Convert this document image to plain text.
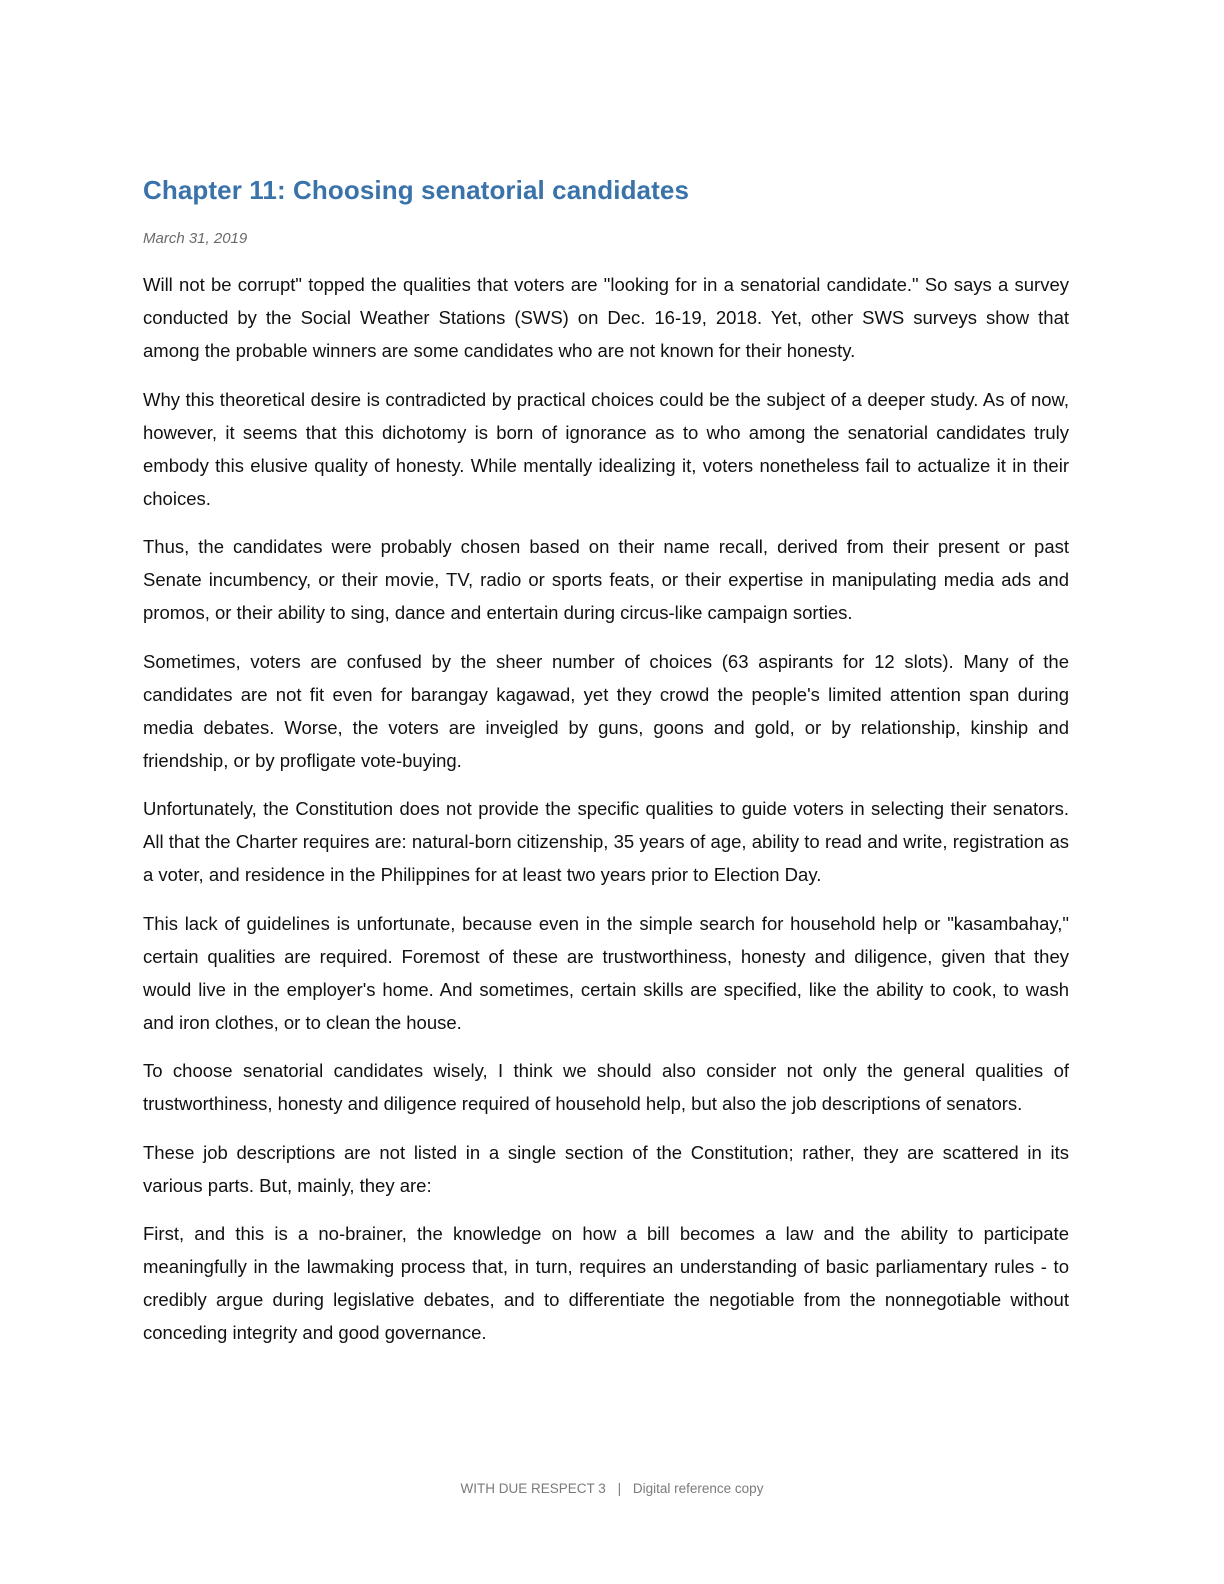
Chapter 11: Choosing senatorial candidates
March 31, 2019

Will not be corrupt" topped the qualities that voters are "looking for in a senatorial candidate." So says a survey conducted by the Social Weather Stations (SWS) on Dec. 16-19, 2018. Yet, other SWS surveys show that among the probable winners are some candidates who are not known for their honesty.

Why this theoretical desire is contradicted by practical choices could be the subject of a deeper study. As of now, however, it seems that this dichotomy is born of ignorance as to who among the senatorial candidates truly embody this elusive quality of honesty. While mentally idealizing it, voters nonetheless fail to actualize it in their choices.

Thus, the candidates were probably chosen based on their name recall, derived from their present or past Senate incumbency, or their movie, TV, radio or sports feats, or their expertise in manipulating media ads and promos, or their ability to sing, dance and entertain during circus-like campaign sorties.

Sometimes, voters are confused by the sheer number of choices (63 aspirants for 12 slots). Many of the candidates are not fit even for barangay kagawad, yet they crowd the people's limited attention span during media debates. Worse, the voters are inveigled by guns, goons and gold, or by relationship, kinship and friendship, or by profligate vote-buying.

Unfortunately, the Constitution does not provide the specific qualities to guide voters in selecting their senators. All that the Charter requires are: natural-born citizenship, 35 years of age, ability to read and write, registration as a voter, and residence in the Philippines for at least two years prior to Election Day.

This lack of guidelines is unfortunate, because even in the simple search for household help or "kasambahay," certain qualities are required. Foremost of these are trustworthiness, honesty and diligence, given that they would live in the employer's home. And sometimes, certain skills are specified, like the ability to cook, to wash and iron clothes, or to clean the house.

To choose senatorial candidates wisely, I think we should also consider not only the general qualities of trustworthiness, honesty and diligence required of household help, but also the job descriptions of senators.

These job descriptions are not listed in a single section of the Constitution; rather, they are scattered in its various parts. But, mainly, they are:

First, and this is a no-brainer, the knowledge on how a bill becomes a law and the ability to participate meaningfully in the lawmaking process that, in turn, requires an understanding of basic parliamentary rules - to credibly argue during legislative debates, and to differentiate the negotiable from the nonnegotiable without conceding integrity and good governance.

WITH DUE RESPECT 3 | Digital reference copy
